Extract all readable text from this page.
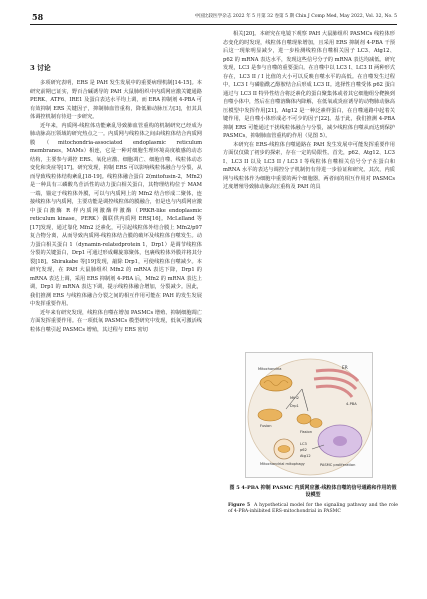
58	中国比较医学杂志 2022 年 5 月第 32 卷第 5 期 Chin J Comp Med, May 2022, Vol. 32, No. 5
3 讨论

多项研究表明，ERS 是 PAH 发生发展中的重要病理机制[14-15]。本研究前期已证实，野百合碱诱导的 PAH 大鼠肺组织中内质网应激关键通路 PERK、ATF6、IRE1 及蛋白表达水平均上调，而 ERA 抑制剂 4-PBA 可有效抑制 ERS 关键因子，抑制肺血管重构，降低肺动脉压力[3]，但其具体调控机制有待进一步研究。

近年来，内质网-线粒体功能紊乱导致肺血管重构的机制研究已经成为肺动脉高压领域的研究热点之一。内质网与线粒体之间由线粒体结合内质网膜（mitochondria-associated endoplasmic reticulum membranes，MAMs）相连，它是一种对细胞生理环境高度敏感的动态结构，主要参与调控 ERS、氧化应激、细胞凋亡、细胞自噬、线粒体动态变化和炎症等[17]。研究发现，抑制 ERS 可以影响线粒体融合与分裂，从而导致线粒体结构紊乱[18-19]。线粒体融合蛋白 2(mitofusin-2，Mfn2) 是一种具有三磷酸鸟苷活性的动力蛋白相关蛋白，其物理结构位于 MAM 一端，锚定于线粒体外膜，可以与内质网上的 Mfn2 结合形成二聚体，连接线粒体与内质网，主要功能是调控线粒体的膜融合，但是也与内质网应激中蛋白激酶 R 样内质网激酶样激酶（PRKR-like endoplasmic reticulum kinase，PERK）偶联供内质网 ERS[16]。McLelland 等[17]发现，通过靠化 Mfn2 泛素化，可引起线粒体外结合膜上 Mfn2/p97 复合物分离，从而导致内质网-线粒体结合膜的破坏及线粒体自噬发生。动力蛋白相关蛋白 1（dynamin-relatedprotein 1，Drp1）是调节线粒体分裂的关键蛋白，Drp1 可通过形成螺旋寡聚体，包裹线粒体外膜并将其分裂[18]。Shirakabe 等[19]发现，敲除 Drp1，可使线粒体自噬减少。本研究发现，在 PAH 大鼠肺组织 Mfn2 的 mRNA 表达下降，Drp1 的 mRNA 表达上调，采用 ERS 抑制剂 4-PBA 后，Mfn2 的 mRNA 表达上调，Drp1 的 mRNA 表达下调，提示线粒体融合增加，分裂减少。因此，我们推测 ERS 与线粒体融合分裂之间的相互作用可能在 PAH 的发生发展中发挥重要作用。

近年来有研究发现，线粒体自噬在增加 PASMCs 增殖、抑制细胞凋亡方面发挥重要作用。在一项低氧 PASMCs 模型研究中发现，低氧可激活线粒体自噬引起 PASMCs 增殖，其过程与 ERS 密切

相关[20]。本研究在电镜下观察 PAH 大鼠肺组织 PASMCs 线粒体形态变化的时发现，线粒体自噬现象增加，且采用 ERS 抑制剂 4-PBA 干预后这一现象明显减少，进一步检测线粒体自噬相关因子 LC3、Atg12、p62 的 mRNA 表达水平，发现这些信号分子的 mRNA 表达均减低。研究发现，LC3 是参与自噬的重要蛋白。在自噬中以 LC3 I、LC3 II 两种形式存在，LC3 II / I 比值的大小可以反映自噬水平的高低。在自噬发生过程中，LC3 I 与磷脂酰乙醇胺结合后形成 LC3 II。选择性自噬受体 p62 蛋白通过与 LC3 II 特异性结合将泛素化的蛋白聚集体或者其它细胞组分靶换到自噬小体中，然后在自噬溶酶体内降解，在低氧或炎症诱导的动物肺动脉高压模型中发挥作用[21]。Atg12 是一种泛素样蛋白，在自噬通路中起着关键作用，是自噬小体形成必不可少的因子[22]。基于此，我们推测 4-PBA 抑制 ERS 可能通过干扰线粒体融合与分裂，减少线粒体自噬从而达到保护 PASMCs，抑制肺血管重构的作用（见图 5）。

本研究在 ERS-线粒体自噬通路在 PAH 发生发展中可能发挥重要作用方面仅仅做了初步的探索，存在一定的局限性。首先，p62、Atg12、LC3 I、LC3 II 以及 LC3 II / LC3 I 等线粒体自噬相关信号分子在蛋白和 mRNA 水平的表达与调控分子机制仍有待进一步验证和研究。其次，内质网与线粒体作为细胞中重要的两个细胞器，两者间的相互作用对 PASMCs 过度增殖导致肺动脉高压重构及 PAH 的具

ER
4-PBA
Mitochondria
Mfn2
Drp1
Fusion
Fission
Mitochondrial mitophagy
LC3
p62
Atg12
PASMC proliferation
图 5 4-PBA 抑制 PASMC 内质网应激-线粒体自噬的信号通路和作用的假设模型
Figure 5 A hypothetical model for the signaling pathway and the role of 4-PBA-inhibited ERS-mitochondrial in PASMC
